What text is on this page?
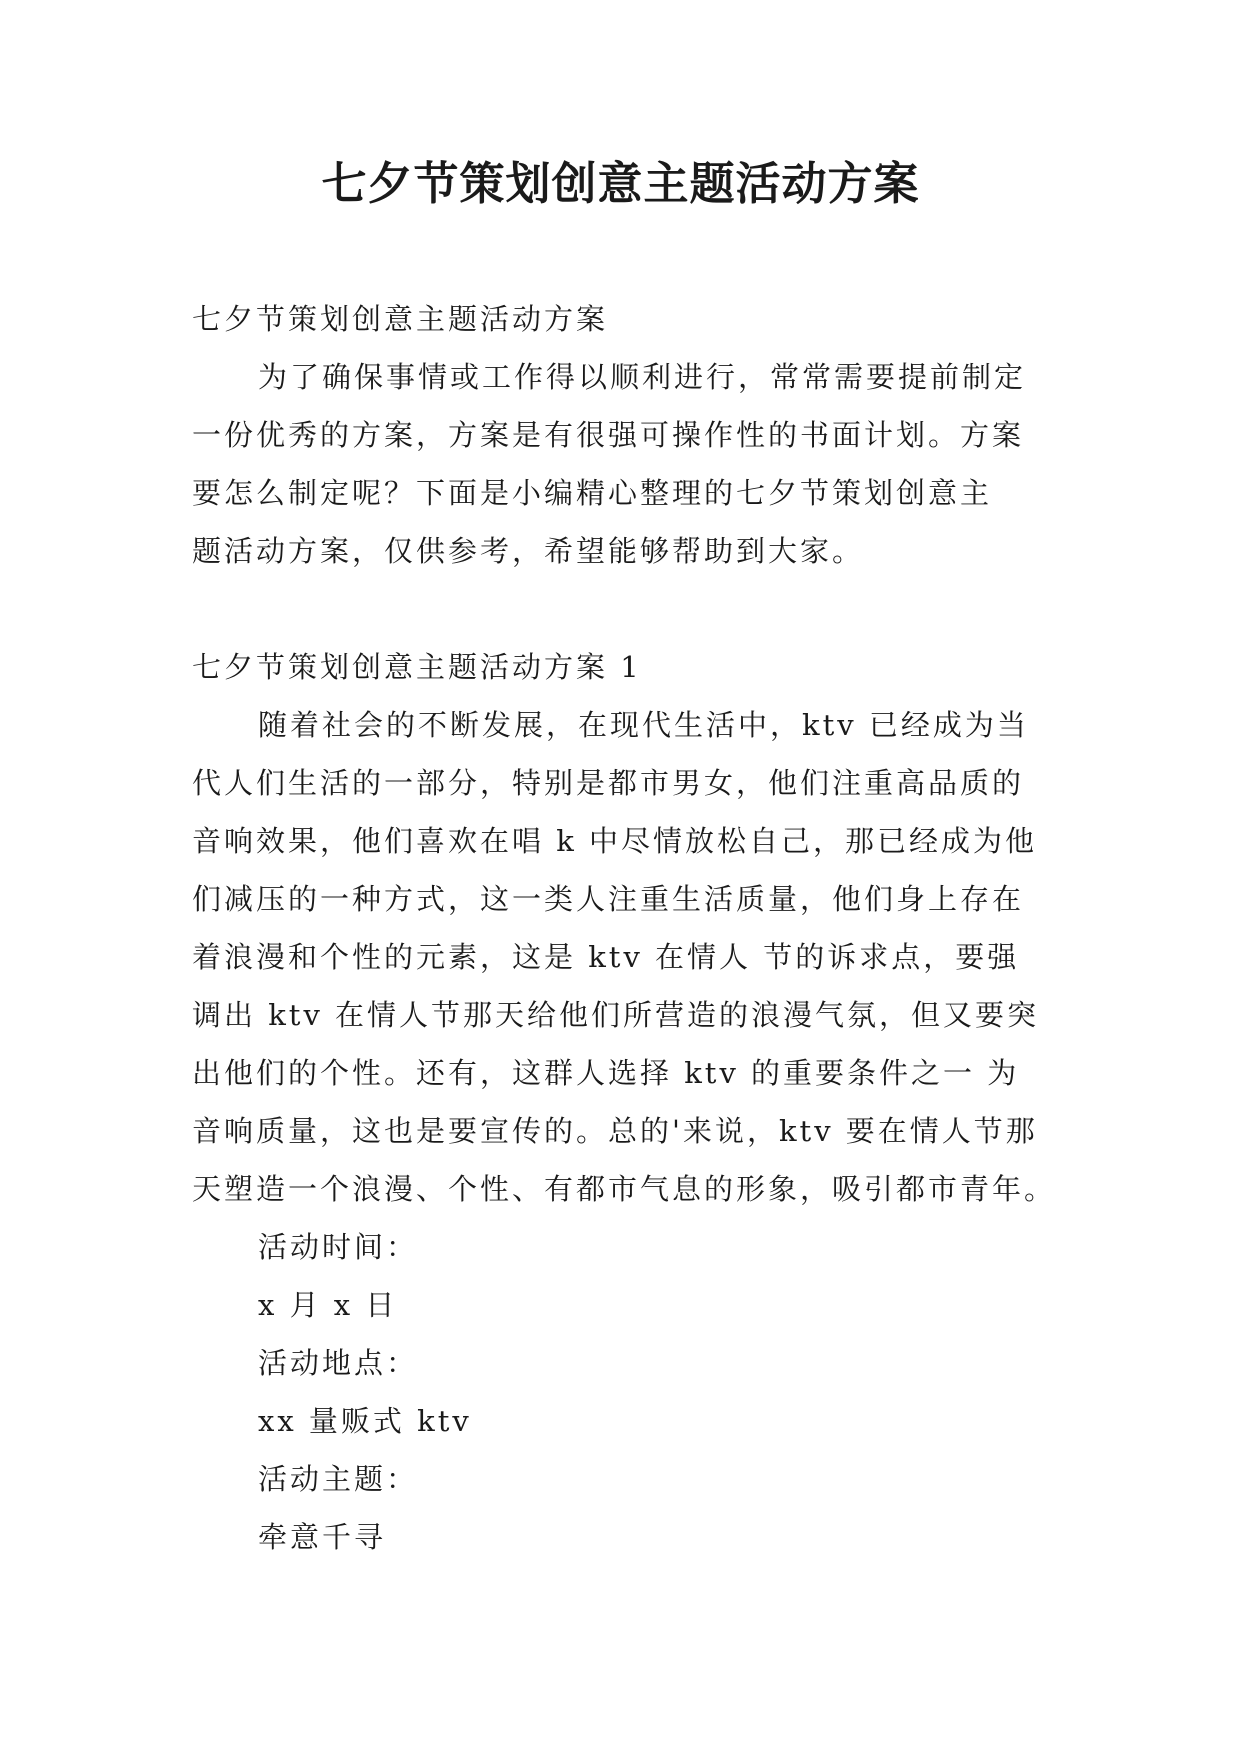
七夕节策划创意主题活动方案
七夕节策划创意主题活动方案
为了确保事情或工作得以顺利进行，常常需要提前制定
一份优秀的方案，方案是有很强可操作性的书面计划。方案
要怎么制定呢？下面是小编精心整理的七夕节策划创意主
题活动方案，仅供参考，希望能够帮助到大家。
七夕节策划创意主题活动方案 1
随着社会的不断发展，在现代生活中，ktv 已经成为当
代人们生活的一部分，特别是都市男女，他们注重高品质的
音响效果，他们喜欢在唱 k 中尽情放松自己，那已经成为他
们减压的一种方式，这一类人注重生活质量，他们身上存在
着浪漫和个性的元素，这是 ktv 在情人 节的诉求点，要强
调出 ktv 在情人节那天给他们所营造的浪漫气氛，但又要突
出他们的个性。还有，这群人选择 ktv 的重要条件之一 为
音响质量，这也是要宣传的。总的'来说，ktv 要在情人节那
天塑造一个浪漫、个性、有都市气息的形象，吸引都市青年。
活动时间：
x 月 x 日
活动地点：
xx 量贩式 ktv
活动主题：
牵意千寻
